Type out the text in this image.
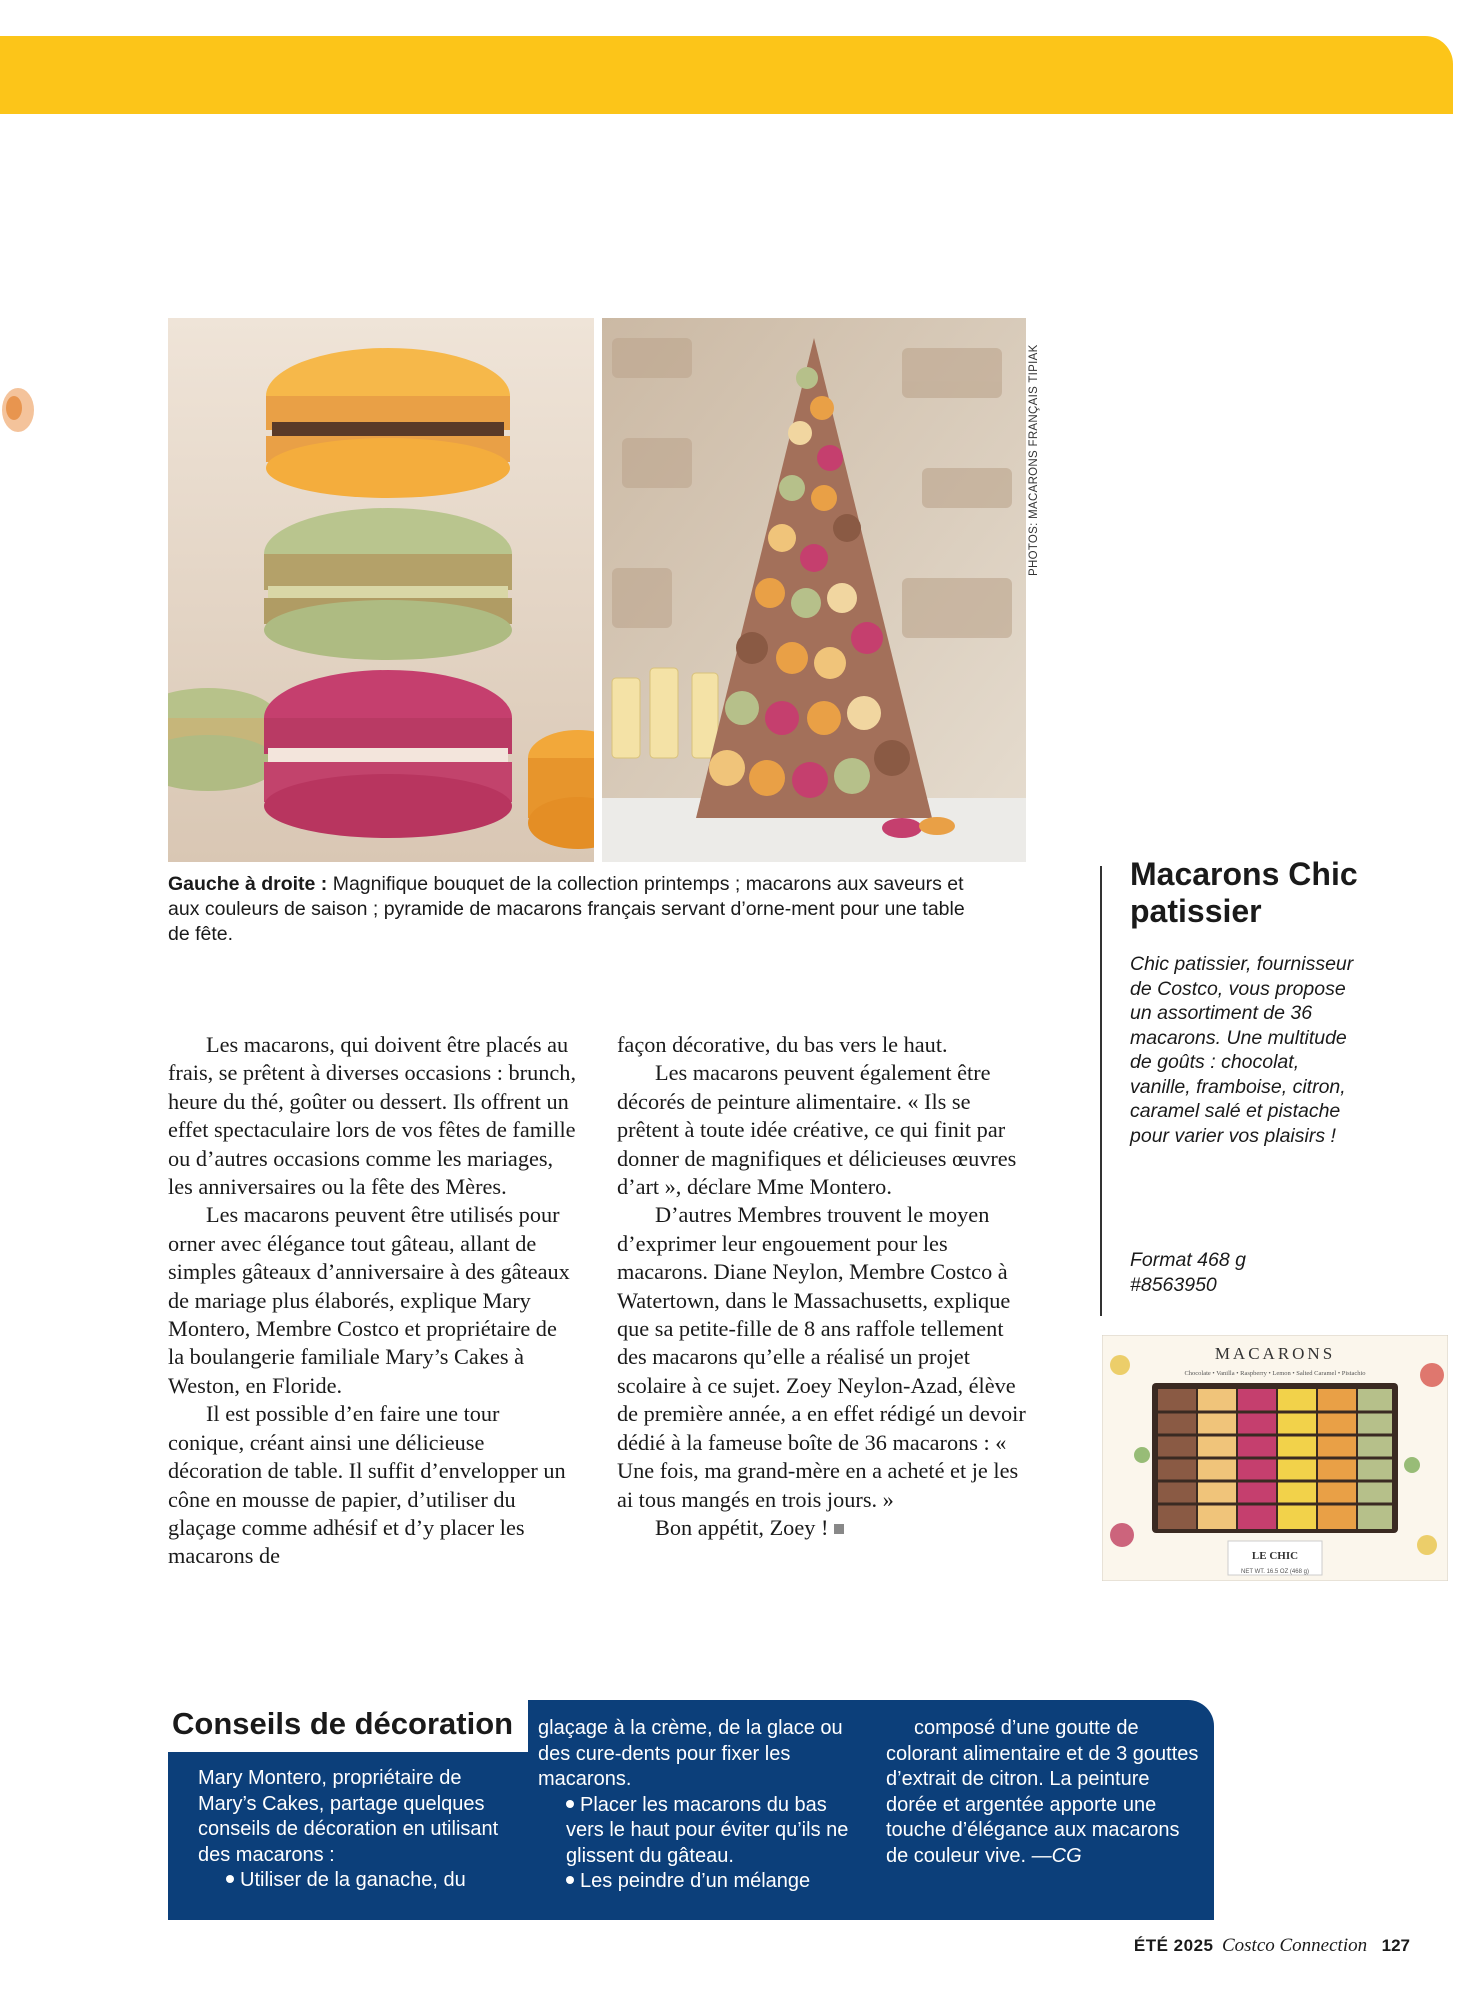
PHOTOS: MACARONS FRANÇAIS TIPIAK
Gauche à droite : Magnifique bouquet de la collection printemps ; macarons aux saveurs et aux couleurs de saison ; pyramide de macarons français servant d’orne-ment pour une table de fête.
Macarons Chic patissier
Chic patissier, fournisseur de Costco, vous propose un assortiment de 36 macarons. Une multitude de goûts : chocolat, vanille, framboise, citron, caramel salé et pistache pour varier vos plaisirs !
Format 468 g
#8563950
MACARONS
Chocolate • Vanilla • Raspberry • Lemon • Salted Caramel • Pistachio
LE CHIC
NET WT. 16.5 OZ (468 g)

Les macarons, qui doivent être placés au frais, se prêtent à diverses occasions : brunch, heure du thé, goûter ou dessert. Ils offrent un effet spectaculaire lors de vos fêtes de famille ou d’autres occasions comme les mariages, les anniversaires ou la fête des Mères.

Les macarons peuvent être utilisés pour orner avec élégance tout gâteau, allant de simples gâteaux d’anniversaire à des gâteaux de mariage plus élaborés, explique Mary Montero, Membre Costco et propriétaire de la boulangerie familiale Mary’s Cakes à Weston, en Floride.

Il est possible d’en faire une tour conique, créant ainsi une délicieuse décoration de table. Il suffit d’envelopper un cône en mousse de papier, d’utiliser du glaçage comme adhésif et d’y placer les macarons de

façon décorative, du bas vers le haut.

Les macarons peuvent également être décorés de peinture alimentaire. « Ils se prêtent à toute idée créative, ce qui finit par donner de magnifiques et délicieuses œuvres d’art », déclare Mme Montero.

D’autres Membres trouvent le moyen d’exprimer leur engouement pour les macarons. Diane Neylon, Membre Costco à Watertown, dans le Massachusetts, explique que sa petite-fille de 8 ans raffole tellement des macarons qu’elle a réalisé un projet scolaire à ce sujet. Zoey Neylon-Azad, élève de première année, a en effet rédigé un devoir dédié à la fameuse boîte de 36 macarons : « Une fois, ma grand-mère en a acheté et je les ai tous mangés en trois jours. »

Bon appétit, Zoey !

Conseils de décoration

Mary Montero, propriétaire de Mary’s Cakes, partage quelques conseils de décoration en utilisant des macarons :

Utiliser de la ganache, du

glaçage à la crème, de la glace ou des cure-dents pour fixer les macarons.

Placer les macarons du bas vers le haut pour éviter qu’ils ne glissent du gâteau.

Les peindre d’un mélange

composé d’une goutte de colorant alimentaire et de 3 gouttes d’extrait de citron. La peinture dorée et argentée apporte une touche d’élégance aux macarons de couleur vive. —CG

ÉTÉ 2025 Costco Connection 127
